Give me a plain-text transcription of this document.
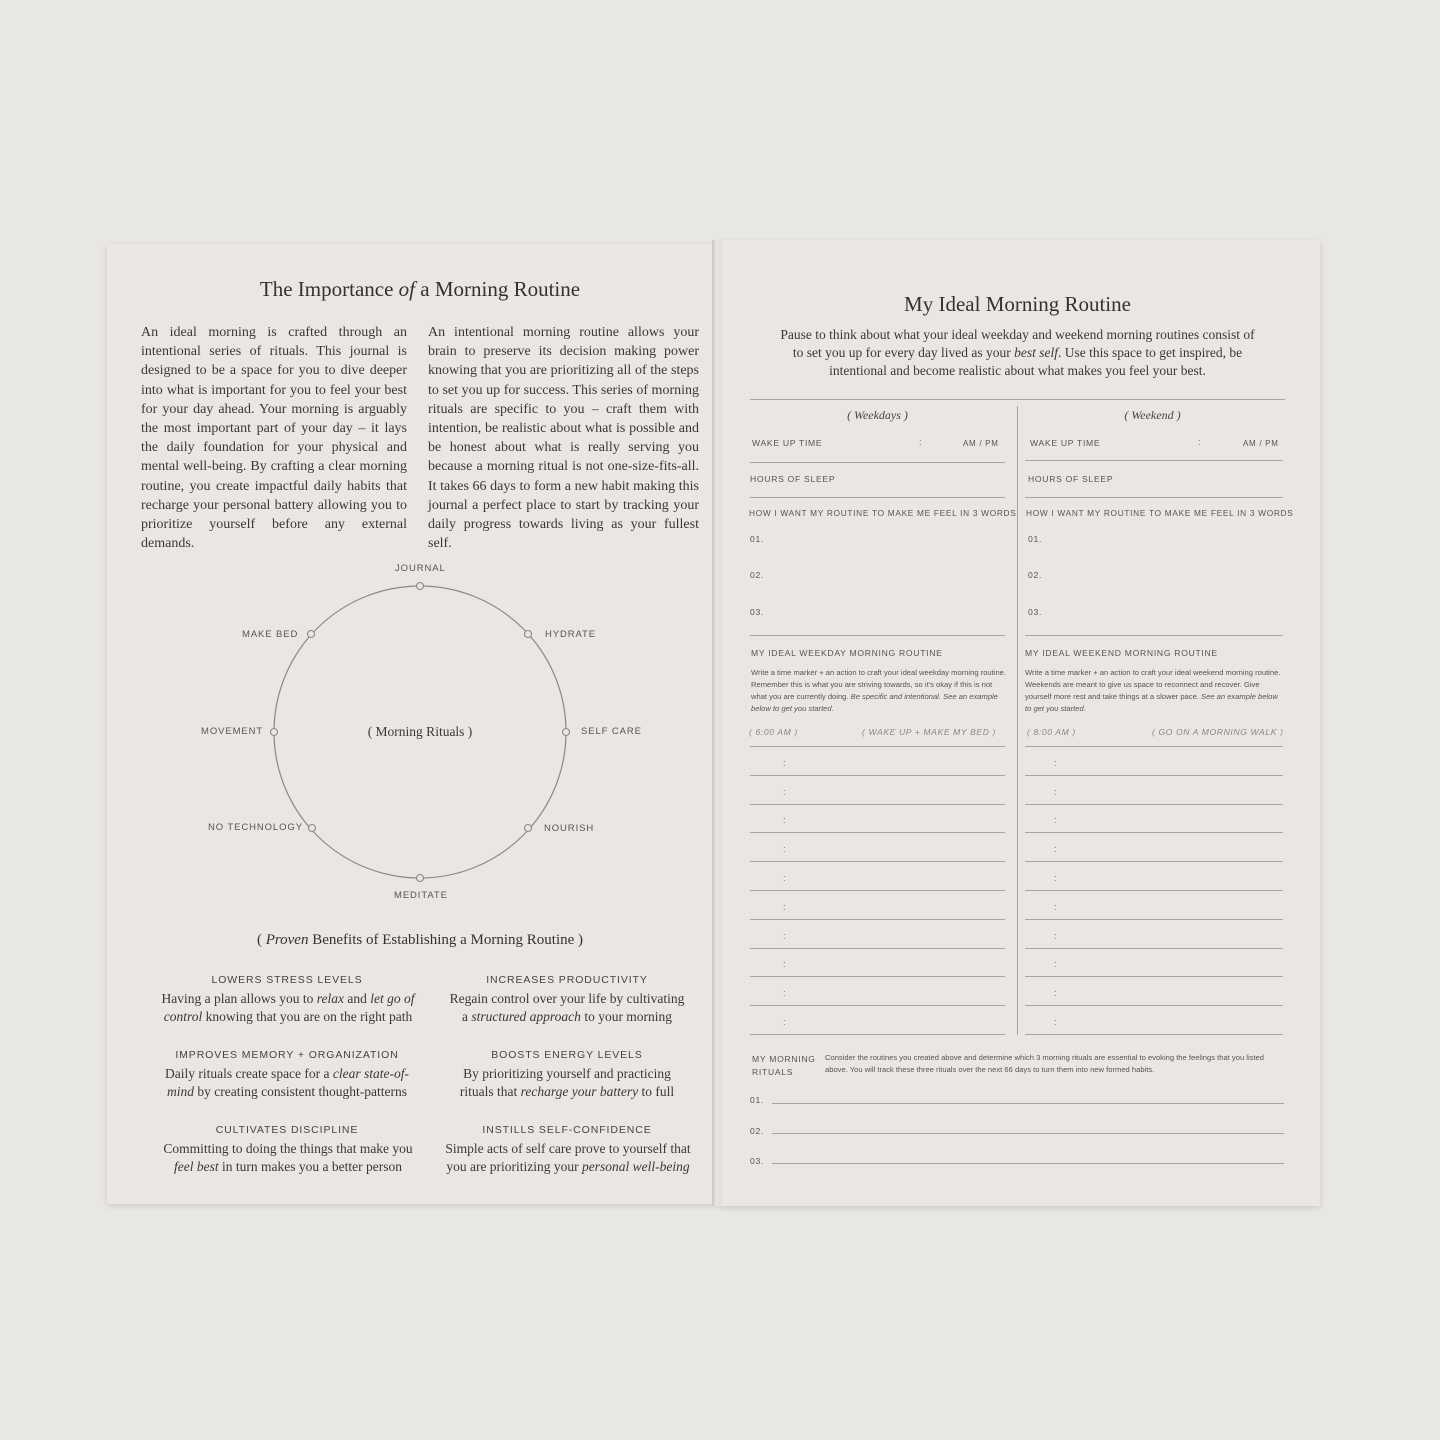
The Importance of a Morning Routine
An ideal morning is crafted through an intentional series of rituals. This journal is designed to be a space for you to dive deeper into what is important for you to feel your best for your day ahead. Your morning is arguably the most important part of your day – it lays the daily foundation for your physical and mental well-being. By crafting a clear morning routine, you create impactful daily habits that recharge your personal battery allowing you to prioritize yourself before any external demands.
An intentional morning routine allows your brain to preserve its decision making power knowing that you are prioritizing all of the steps to set you up for success. This series of morning rituals are specific to you – craft them with intention, be realistic about what is possible and be honest about what is really serving you because a morning ritual is not one-size-fits-all. It takes 66 days to form a new habit making this journal a perfect place to start by tracking your daily progress towards living as your fullest self.
( Morning Rituals )
JOURNAL
HYDRATE
SELF CARE
NOURISH
MEDITATE
NO TECHNOLOGY
MOVEMENT
MAKE BED
( Proven Benefits of Establishing a Morning Routine )
LOWERS STRESS LEVELS
Having a plan allows you to relax and let go of control knowing that you are on the right path
INCREASES PRODUCTIVITY
Regain control over your life by cultivating a structured approach to your morning
IMPROVES MEMORY + ORGANIZATION
Daily rituals create space for a clear state-of-mind by creating consistent thought-patterns
BOOSTS ENERGY LEVELS
By prioritizing yourself and practicing rituals that recharge your battery to full
CULTIVATES DISCIPLINE
Committing to doing the things that make you feel best in turn makes you a better person
INSTILLS SELF-CONFIDENCE
Simple acts of self care prove to yourself that you are prioritizing your personal well-being
My Ideal Morning Routine
Pause to think about what your ideal weekday and weekend morning routines consist of to set you up for every day lived as your best self. Use this space to get inspired, be intentional and become realistic about what makes you feel your best.
( Weekdays )
WAKE UP TIME	:	AM / PM
HOURS OF SLEEP
HOW I WANT MY ROUTINE TO MAKE ME FEEL IN 3 WORDS
01.
02.
03.
MY IDEAL WEEKDAY MORNING ROUTINE
Write a time marker + an action to craft your ideal weekday morning routine. Remember this is what you are striving towards, so it's okay if this is not what you are currently doing. Be specific and intentional. See an example below to get you started.
( 6:00 AM )	( WAKE UP + MAKE MY BED )
:
:
:
:
:
:
:
:
:
:
( Weekend )
WAKE UP TIME	:	AM / PM
HOURS OF SLEEP
HOW I WANT MY ROUTINE TO MAKE ME FEEL IN 3 WORDS
01.
02.
03.
MY IDEAL WEEKEND MORNING ROUTINE
Write a time marker + an action to craft your ideal weekend morning routine. Weekends are meant to give us space to reconnect and recover. Give yourself more rest and take things at a slower pace. See an example below to get you started.
( 8:00 AM )	( GO ON A MORNING WALK )
:
:
:
:
:
:
:
:
:
:
MY MORNING
RITUALS
Consider the routines you created above and determine which 3 morning rituals are essential to evoking the feelings that you listed above. You will track these three rituals over the next 66 days to turn them into new formed habits.
01.
02.
03.
